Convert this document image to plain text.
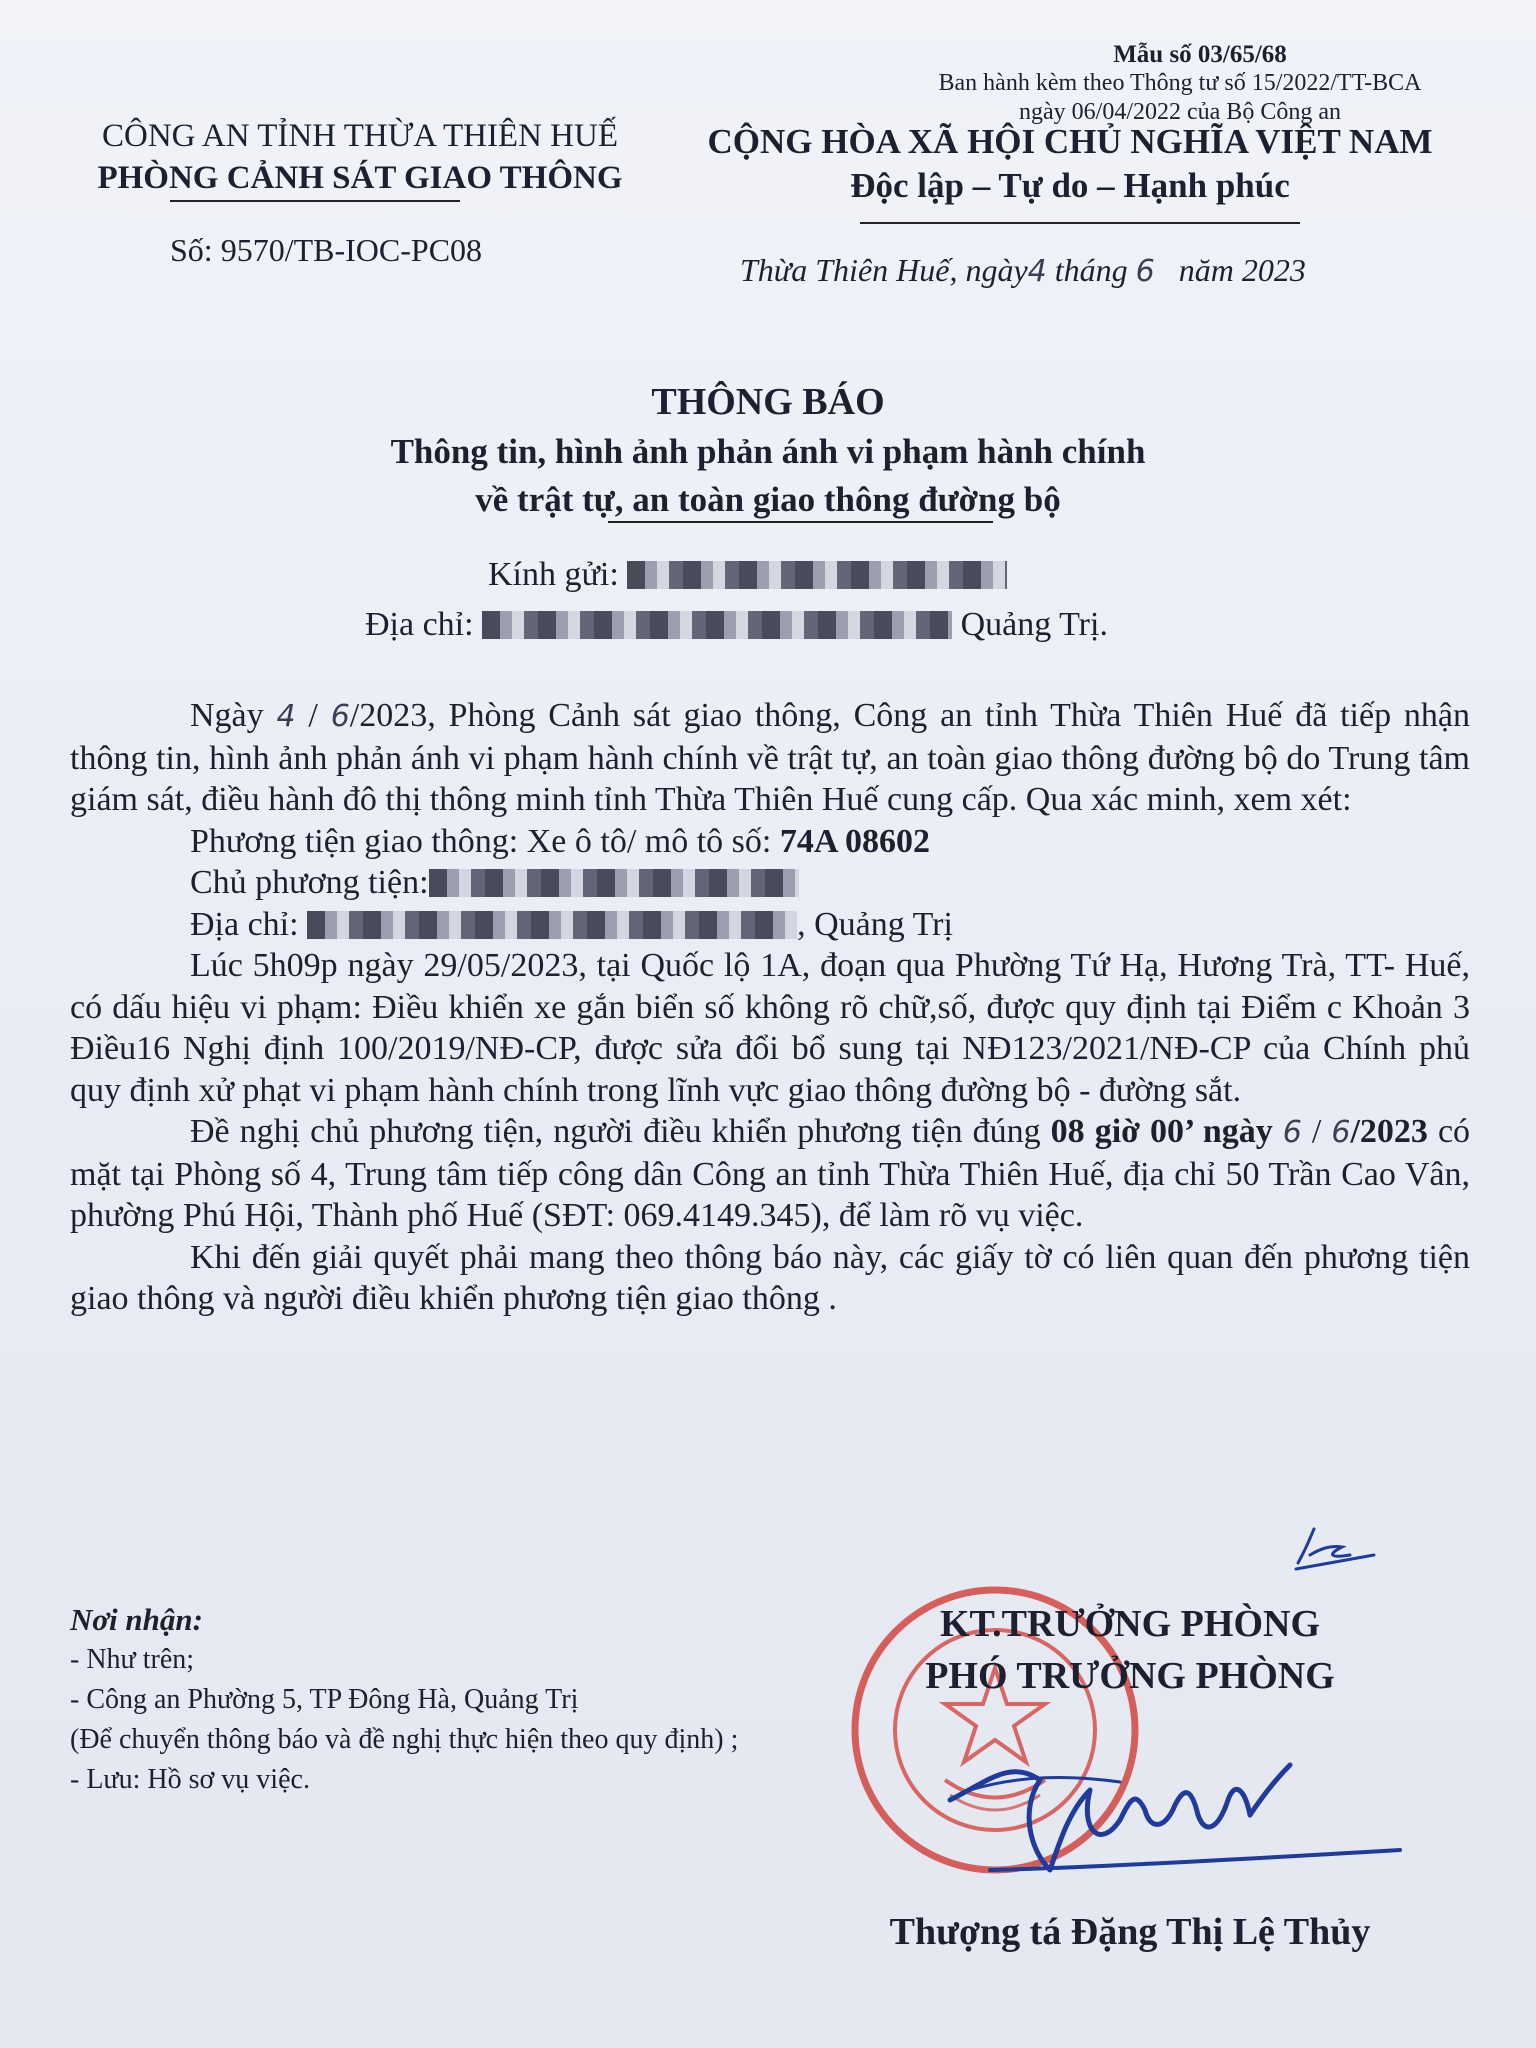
Mẫu số 03/65/68
Ban hành kèm theo Thông tư số 15/2022/TT-BCA
ngày 06/04/2022 của Bộ Công an
CÔNG AN TỈNH THỪA THIÊN HUẾ
PHÒNG CẢNH SÁT GIAO THÔNG
CỘNG HÒA XÃ HỘI CHỦ NGHĨA VIỆT NAM
Độc lập – Tự do – Hạnh phúc
Số: 9570/TB-IOC-PC08
Thừa Thiên Huế, ngày4 tháng 6 năm 2023
THÔNG BÁO
Thông tin, hình ảnh phản ánh vi phạm hành chính
về trật tự, an toàn giao thông đường bộ
Kính gửi:
Địa chỉ:	Quảng Trị.

Ngày 4 / 6/2023, Phòng Cảnh sát giao thông, Công an tỉnh Thừa Thiên Huế đã tiếp nhận thông tin, hình ảnh phản ánh vi phạm hành chính về trật tự, an toàn giao thông đường bộ do Trung tâm giám sát, điều hành đô thị thông minh tỉnh Thừa Thiên Huế cung cấp. Qua xác minh, xem xét:

Phương tiện giao thông: Xe ô tô/ mô tô số: 74A 08602

Chủ phương tiện:

Địa chỉ:	, Quảng Trị

Lúc 5h09p ngày 29/05/2023, tại Quốc lộ 1A, đoạn qua Phường Tứ Hạ, Hương Trà, TT- Huế, có dấu hiệu vi phạm: Điều khiển xe gắn biển số không rõ chữ,số, được quy định tại Điểm c Khoản 3 Điều16 Nghị định 100/2019/NĐ-CP, được sửa đổi bổ sung tại NĐ123/2021/NĐ-CP của Chính phủ quy định xử phạt vi phạm hành chính trong lĩnh vực giao thông đường bộ - đường sắt.

Đề nghị chủ phương tiện, người điều khiển phương tiện đúng 08 giờ 00’ ngày 6 / 6/2023 có mặt tại Phòng số 4, Trung tâm tiếp công dân Công an tỉnh Thừa Thiên Huế, địa chỉ 50 Trần Cao Vân, phường Phú Hội, Thành phố Huế (SĐT: 069.4149.345), để làm rõ vụ việc.

Khi đến giải quyết phải mang theo thông báo này, các giấy tờ có liên quan đến phương tiện giao thông và người điều khiển phương tiện giao thông .

Nơi nhận:
- Như trên;
- Công an Phường 5, TP Đông Hà, Quảng Trị
(Để chuyển thông báo và đề nghị thực hiện theo quy định) ;
- Lưu: Hồ sơ vụ việc.
KT.TRƯỞNG PHÒNG
PHÓ TRƯỞNG PHÒNG
Thượng tá Đặng Thị Lệ Thủy
